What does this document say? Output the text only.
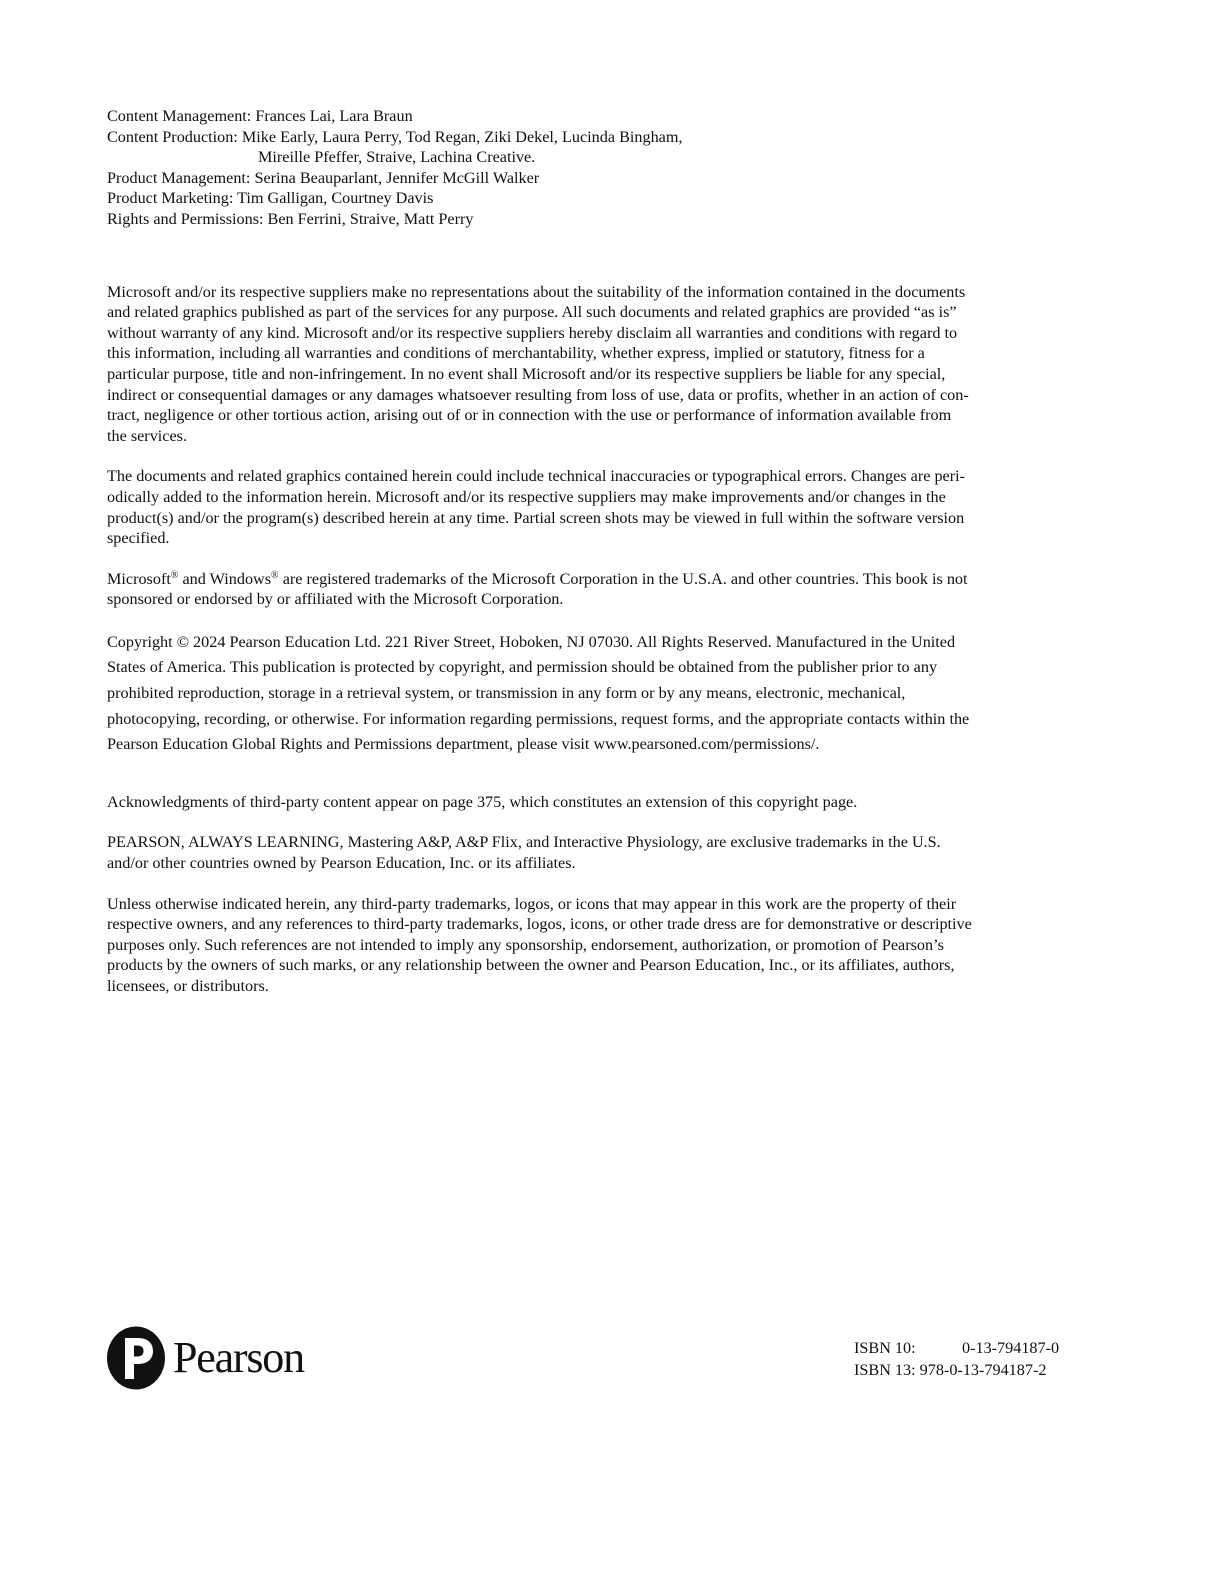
Content Management: Frances Lai, Lara Braun
Content Production: Mike Early, Laura Perry, Tod Regan, Ziki Dekel, Lucinda Bingham,
Mireille Pfeffer, Straive, Lachina Creative.
Product Management: Serina Beauparlant, Jennifer McGill Walker
Product Marketing: Tim Galligan, Courtney Davis
Rights and Permissions: Ben Ferrini, Straive, Matt Perry
Microsoft and/or its respective suppliers make no representations about the suitability of the information contained in the documents
and related graphics published as part of the services for any purpose. All such documents and related graphics are provided “as is”
without warranty of any kind. Microsoft and/or its respective suppliers hereby disclaim all warranties and conditions with regard to
this information, including all warranties and conditions of merchantability, whether express, implied or statutory, fitness for a
particular purpose, title and non-infringement. In no event shall Microsoft and/or its respective suppliers be liable for any special,
indirect or consequential damages or any damages whatsoever resulting from loss of use, data or profits, whether in an action of con-
tract, negligence or other tortious action, arising out of or in connection with the use or performance of information available from
the services.
The documents and related graphics contained herein could include technical inaccuracies or typographical errors. Changes are peri-
odically added to the information herein. Microsoft and/or its respective suppliers may make improvements and/or changes in the
product(s) and/or the program(s) described herein at any time. Partial screen shots may be viewed in full within the software version
specified.
Microsoft® and Windows® are registered trademarks of the Microsoft Corporation in the U.S.A. and other countries. This book is not
sponsored or endorsed by or affiliated with the Microsoft Corporation.
Copyright © 2024 Pearson Education Ltd. 221 River Street, Hoboken, NJ 07030. All Rights Reserved. Manufactured in the United
States of America. This publication is protected by copyright, and permission should be obtained from the publisher prior to any
prohibited reproduction, storage in a retrieval system, or transmission in any form or by any means, electronic, mechanical,
photocopying, recording, or otherwise. For information regarding permissions, request forms, and the appropriate contacts within the
Pearson Education Global Rights and Permissions department, please visit www.pearsoned.com/permissions/.
Acknowledgments of third-party content appear on page 375, which constitutes an extension of this copyright page.
PEARSON, ALWAYS LEARNING, Mastering A&P, A&P Flix, and Interactive Physiology, are exclusive trademarks in the U.S.
and/or other countries owned by Pearson Education, Inc. or its affiliates.
Unless otherwise indicated herein, any third-party trademarks, logos, or icons that may appear in this work are the property of their
respective owners, and any references to third-party trademarks, logos, icons, or other trade dress are for demonstrative or descriptive
purposes only. Such references are not intended to imply any sponsorship, endorsement, authorization, or promotion of Pearson’s
products by the owners of such marks, or any relationship between the owner and Pearson Education, Inc., or its affiliates, authors,
licensees, or distributors.
Pearson	ISBN 10:	0-13-794187-0
ISBN 13: 978-0-13-794187-2
